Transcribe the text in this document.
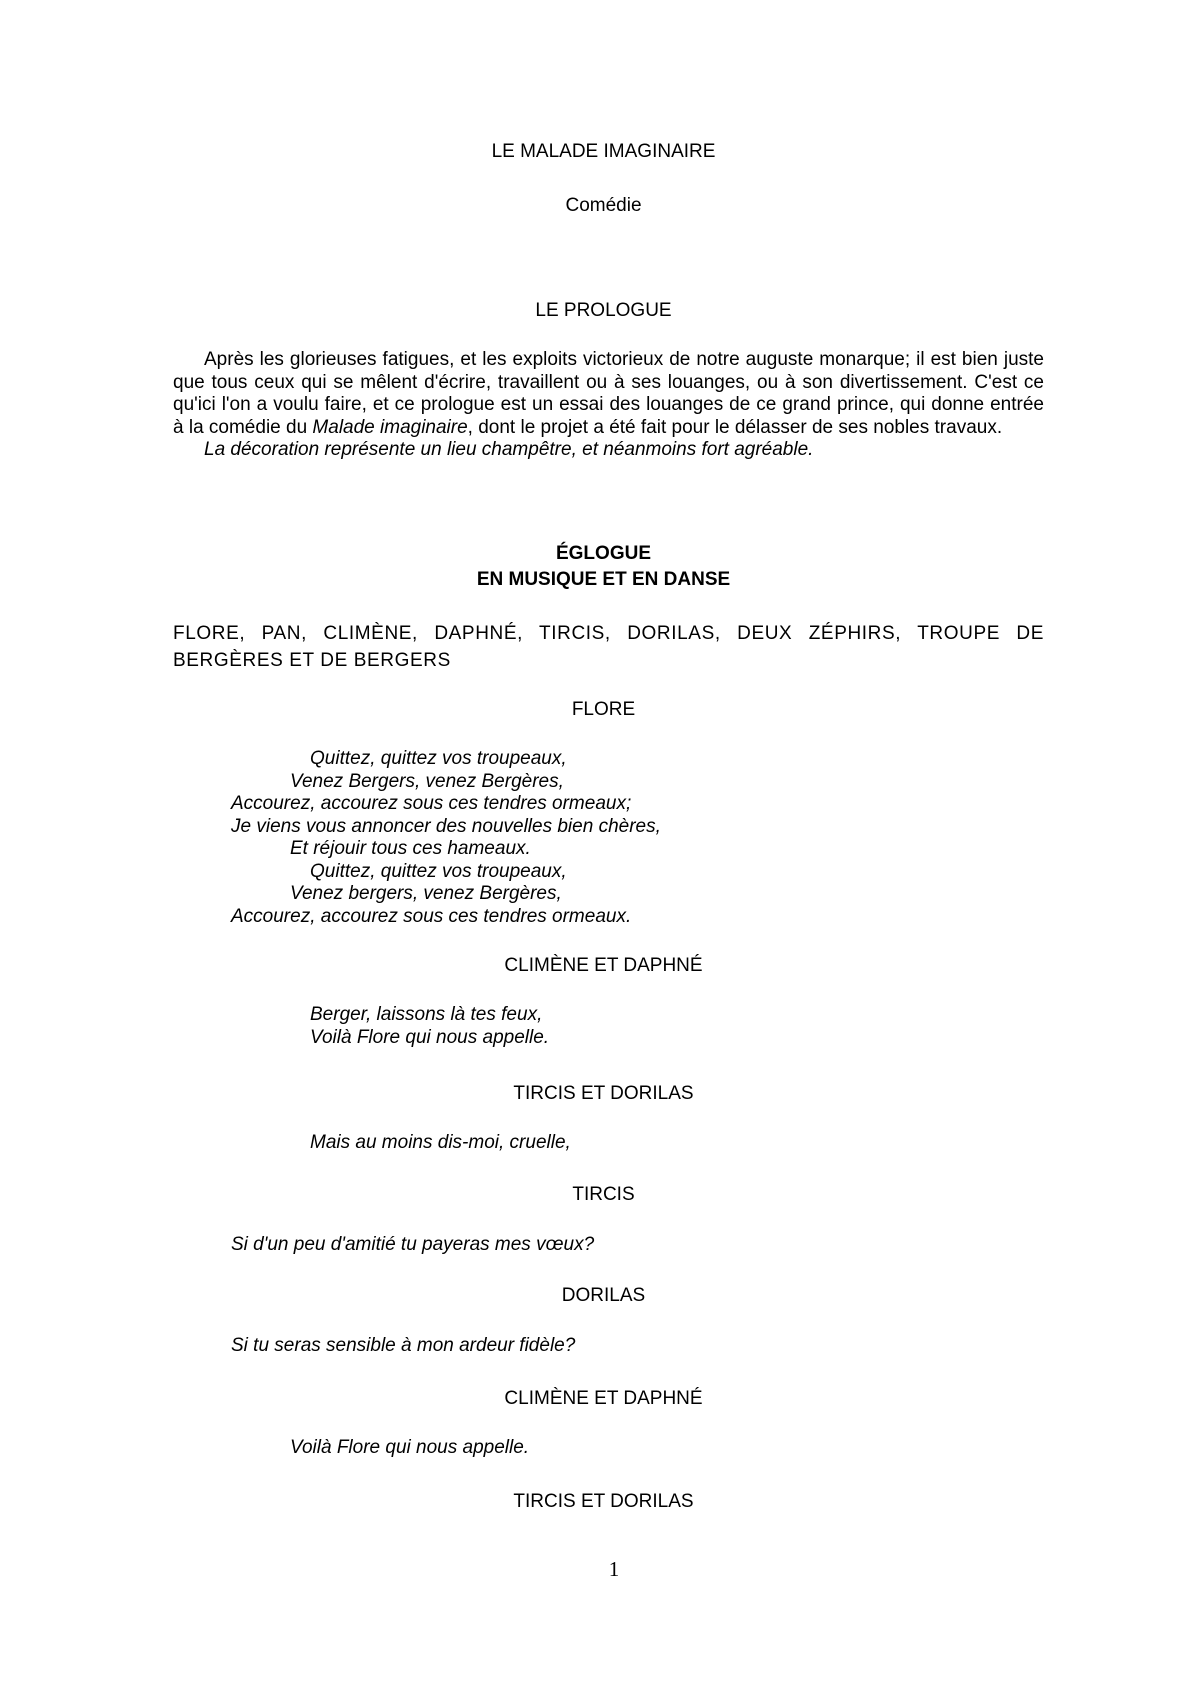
LE MALADE IMAGINAIRE
Comédie
LE PROLOGUE

Après les glorieuses fatigues, et les exploits victorieux de notre auguste monarque; il est bien juste que tous ceux qui se mêlent d'écrire, travaillent ou à ses louanges, ou à son divertissement. C'est ce qu'ici l'on a voulu faire, et ce prologue est un essai des louanges de ce grand prince, qui donne entrée à la comédie du Malade imaginaire, dont le projet a été fait pour le délasser de ses nobles travaux.

La décoration représente un lieu champêtre, et néanmoins fort agréable.

ÉGLOGUE
EN MUSIQUE ET EN DANSE
FLORE, PAN, CLIMÈNE, DAPHNÉ, TIRCIS, DORILAS, DEUX ZÉPHIRS, TROUPE DE
BERGÈRES ET DE BERGERS
FLORE
Quittez, quittez vos troupeaux,
Venez Bergers, venez Bergères,
Accourez, accourez sous ces tendres ormeaux;
Je viens vous annoncer des nouvelles bien chères,
Et réjouir tous ces hameaux.
Quittez, quittez vos troupeaux,
Venez bergers, venez Bergères,
Accourez, accourez sous ces tendres ormeaux.
CLIMÈNE ET DAPHNÉ
Berger, laissons là tes feux,
Voilà Flore qui nous appelle.
TIRCIS ET DORILAS
Mais au moins dis-moi, cruelle,
TIRCIS
Si d'un peu d'amitié tu payeras mes vœux?
DORILAS
Si tu seras sensible à mon ardeur fidèle?
CLIMÈNE ET DAPHNÉ
Voilà Flore qui nous appelle.
TIRCIS ET DORILAS
1
